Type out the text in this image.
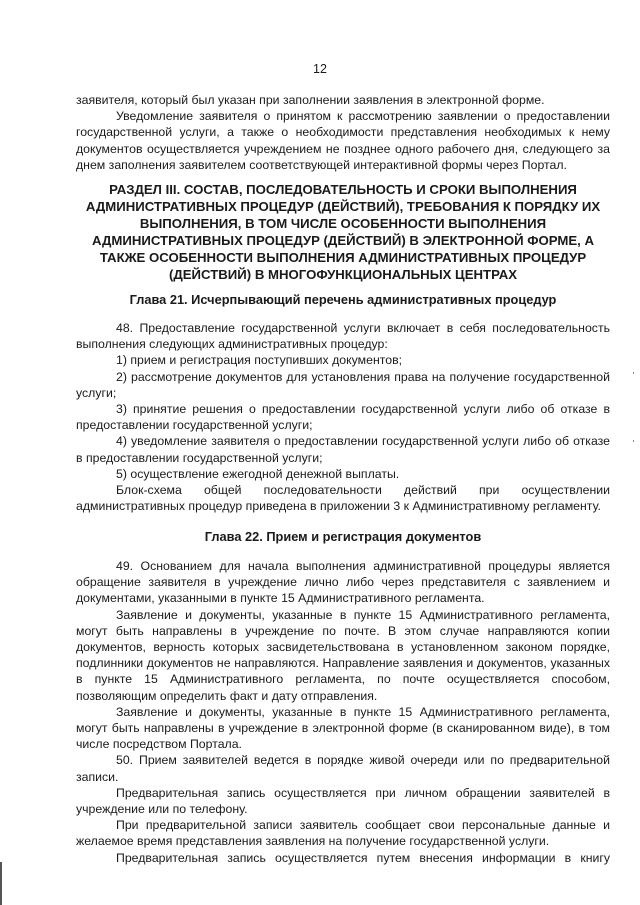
12

заявителя, который был указан при заполнении заявления в электронной форме.

Уведомление заявителя о принятом к рассмотрению заявлении о предоставлении государственной услуги, а также о необходимости представления необходимых к нему документов осуществляется учреждением не позднее одного рабочего дня, следующего за днем заполнения заявителем соответствующей интерактивной формы через Портал.

РАЗДЕЛ III. СОСТАВ, ПОСЛЕДОВАТЕЛЬНОСТЬ И СРОКИ ВЫПОЛНЕНИЯ АДМИНИСТРАТИВНЫХ ПРОЦЕДУР (ДЕЙСТВИЙ), ТРЕБОВАНИЯ К ПОРЯДКУ ИХ ВЫПОЛНЕНИЯ, В ТОМ ЧИСЛЕ ОСОБЕННОСТИ ВЫПОЛНЕНИЯ АДМИНИСТРАТИВНЫХ ПРОЦЕДУР (ДЕЙСТВИЙ) В ЭЛЕКТРОННОЙ ФОРМЕ, А ТАКЖЕ ОСОБЕННОСТИ ВЫПОЛНЕНИЯ АДМИНИСТРАТИВНЫХ ПРОЦЕДУР (ДЕЙСТВИЙ) В МНОГОФУНКЦИОНАЛЬНЫХ ЦЕНТРАХ
Глава 21. Исчерпывающий перечень административных процедур

48. Предоставление государственной услуги включает в себя последовательность выполнения следующих административных процедур:

1) прием и регистрация поступивших документов;

2) рассмотрение документов для установления права на получение государственной услуги;

3) принятие решения о предоставлении государственной услуги либо об отказе в предоставлении государственной услуги;

4) уведомление заявителя о предоставлении государственной услуги либо об отказе в предоставлении государственной услуги;

5) осуществление ежегодной денежной выплаты.

Блок-схема общей последовательности действий при осуществлении административных процедур приведена в приложении 3 к Административному регламенту.

Глава 22. Прием и регистрация документов

49. Основанием для начала выполнения административной процедуры является обращение заявителя в учреждение лично либо через представителя с заявлением и документами, указанными в пункте 15 Административного регламента.

Заявление и документы, указанные в пункте 15 Административного регламента, могут быть направлены в учреждение по почте. В этом случае направляются копии документов, верность которых засвидетельствована в установленном законом порядке, подлинники документов не направляются. Направление заявления и документов, указанных в пункте 15 Административного регламента, по почте осуществляется способом, позволяющим определить факт и дату отправления.

Заявление и документы, указанные в пункте 15 Административного регламента, могут быть направлены в учреждение в электронной форме (в сканированном виде), в том числе посредством Портала.

50. Прием заявителей ведется в порядке живой очереди или по предварительной записи.

Предварительная запись осуществляется при личном обращении заявителей в учреждение или по телефону.

При предварительной записи заявитель сообщает свои персональные данные и желаемое время представления заявления на получение государственной услуги.

Предварительная запись осуществляется путем внесения информации в книгу
